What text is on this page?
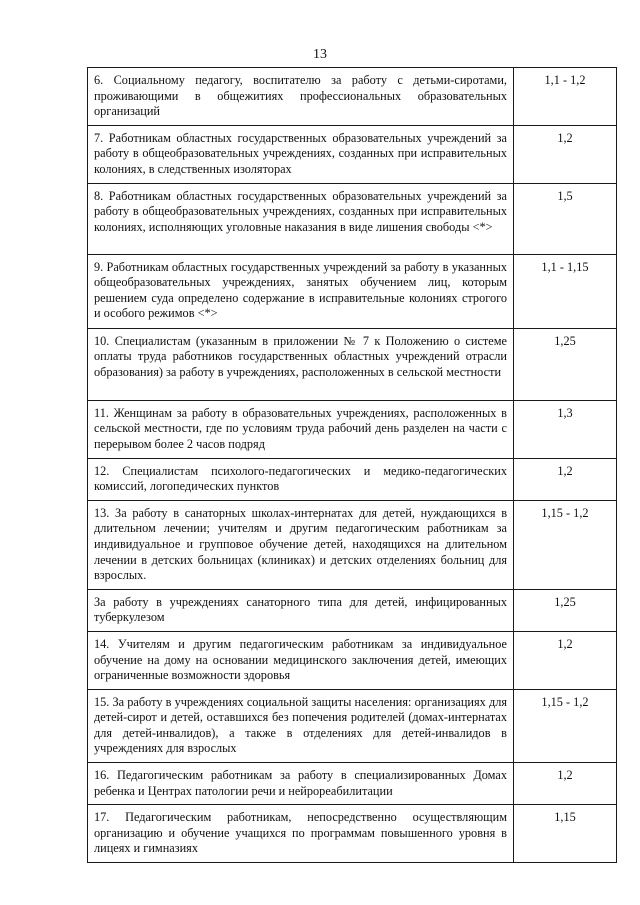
13
6. Социальному педагогу, воспитателю за работу с детьми-сиротами, проживающими в общежитиях профессиональных образовательных организаций	1,1 - 1,2
7. Работникам областных государственных образовательных учреждений за работу в общеобразовательных учреждениях, созданных при исправительных колониях, в следственных изоляторах	1,2
8. Работникам областных государственных образовательных учреждений за работу в общеобразовательных учреждениях, созданных при исправительных колониях, исполняющих уголовные наказания в виде лишения свободы <*>	1,5
9. Работникам областных государственных учреждений за работу в указанных общеобразовательных учреждениях, занятых обучением лиц, которым решением суда определено содержание в исправительные колониях строгого и особого режимов <*>	1,1 - 1,15
10. Специалистам (указанным в приложении № 7 к Положению о системе оплаты труда работников государственных областных учреждений отрасли образования) за работу в учреждениях, расположенных в сельской местности	1,25
11. Женщинам за работу в образовательных учреждениях, расположенных в сельской местности, где по условиям труда рабочий день разделен на части с перерывом более 2 часов подряд	1,3
12. Специалистам психолого-педагогических и медико-педагогических комиссий, логопедических пунктов	1,2
13. За работу в санаторных школах-интернатах для детей, нуждающихся в длительном лечении; учителям и другим педагогическим работникам за индивидуальное и групповое обучение детей, находящихся на длительном лечении в детских больницах (клиниках) и детских отделениях больниц для взрослых.	1,15 - 1,2
За работу в учреждениях санаторного типа для детей, инфицированных туберкулезом	1,25
14. Учителям и другим педагогическим работникам за индивидуальное обучение на дому на основании медицинского заключения детей, имеющих ограниченные возможности здоровья	1,2
15. За работу в учреждениях социальной защиты населения: организациях для детей-сирот и детей, оставшихся без попечения родителей (домах-интернатах для детей-инвалидов), а также в отделениях для детей-инвалидов в учреждениях для взрослых	1,15 - 1,2
16. Педагогическим работникам за работу в специализированных Домах ребенка и Центрах патологии речи и нейрореабилитации	1,2
17. Педагогическим работникам, непосредственно осуществляющим организацию и обучение учащихся по программам повышенного уровня в лицеях и гимназиях	1,15
